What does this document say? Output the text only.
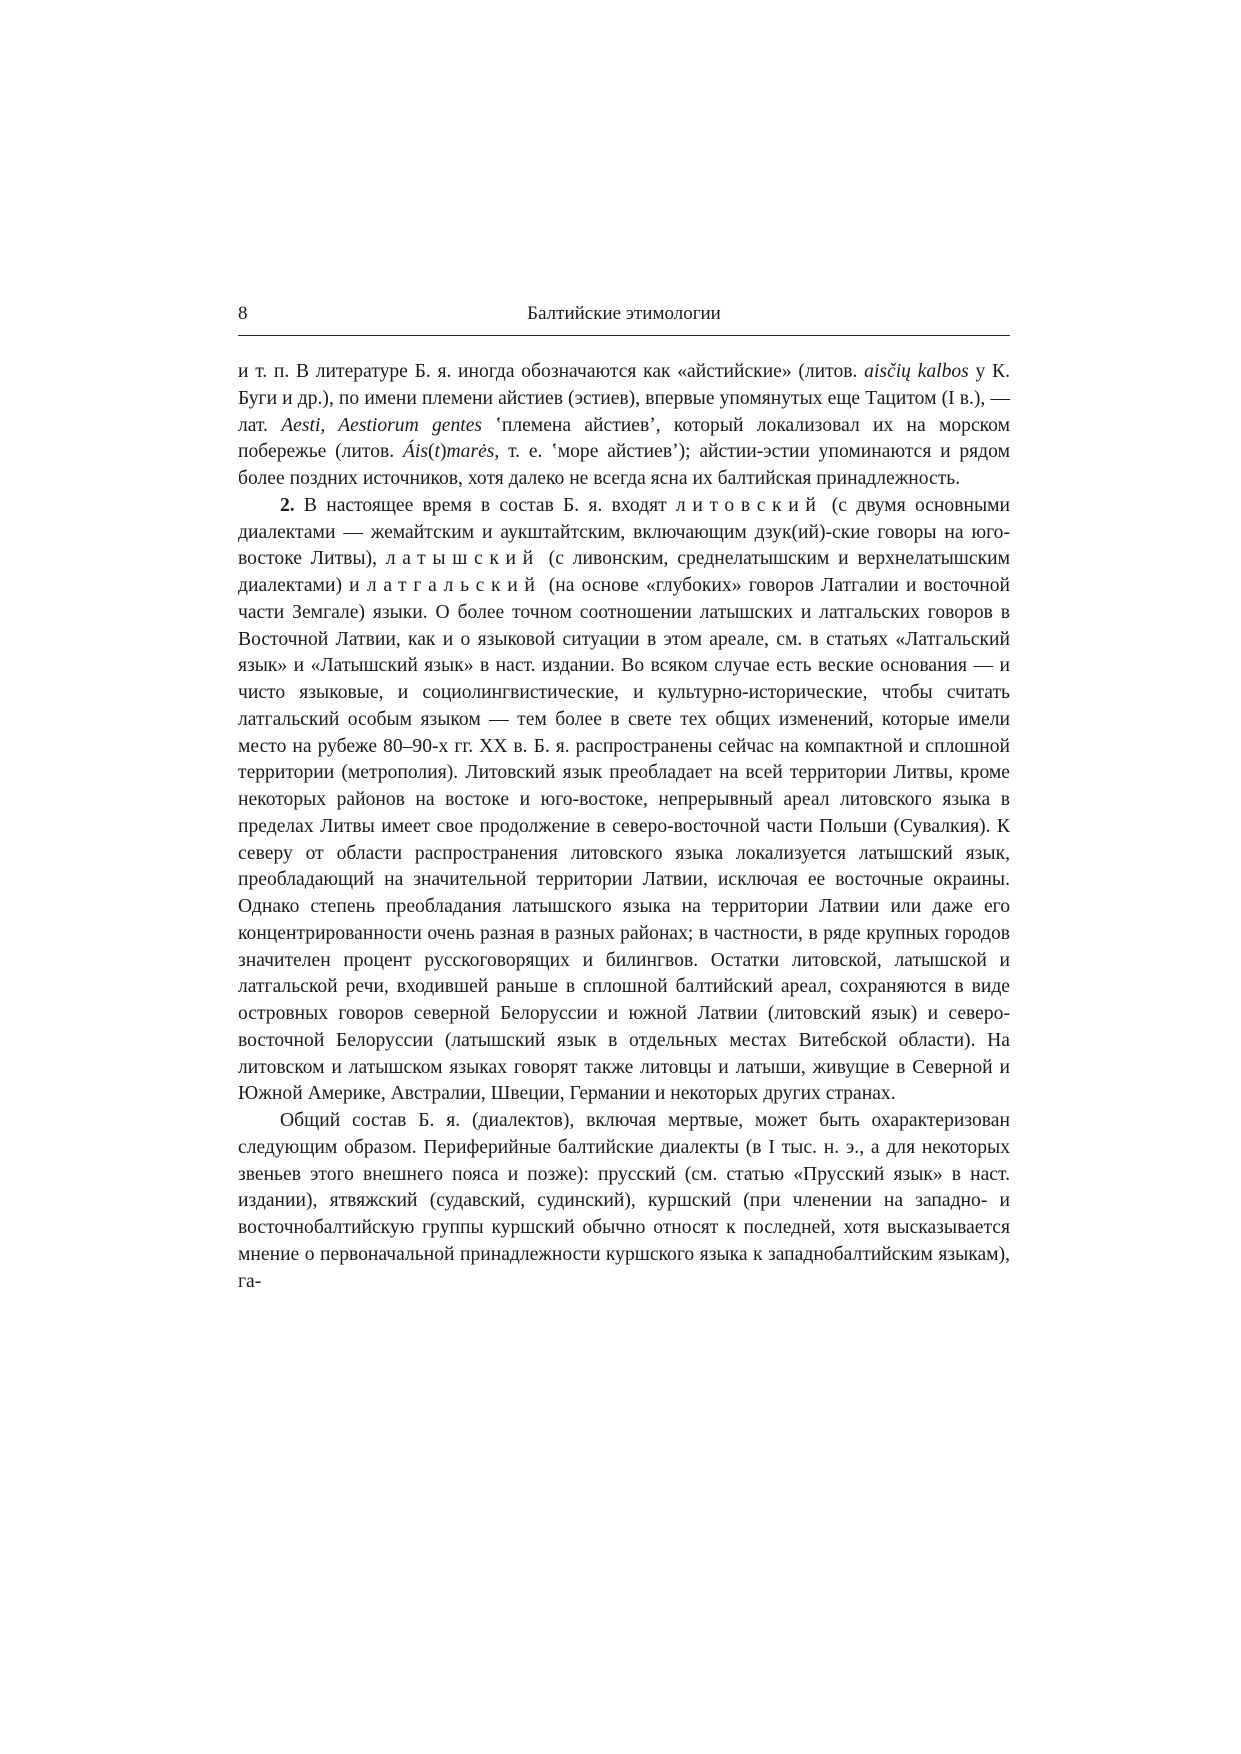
8	Балтийские этимологии

и т. п. В литературе Б. я. иногда обозначаются как «айстийские» (литов. aisčių kalbos у К. Буги и др.), по имени племени айстиев (эстиев), впервые упомянутых еще Тацитом (I в.), — лат. Aesti, Aestiorum gentes ʽплемена айстиевʼ, который локализовал их на морском побережье (литов. Áis(t)marės, т. е. ʽморе айстиевʼ); айстии-эстии упоминаются и рядом более поздних источников, хотя далеко не всегда ясна их балтийская принадлежность.

2. В настоящее время в состав Б. я. входят литовский (с двумя основными диалектами — жемайтским и аукштайтским, включающим дзук(ий)-ские говоры на юго-востоке Литвы), латышский (с ливонским, среднелатышским и верхнелатышским диалектами) и латгальский (на основе «глубоких» говоров Латгалии и восточной части Земгале) языки. О более точном соотношении латышских и латгальских говоров в Восточной Латвии, как и о языковой ситуации в этом ареале, см. в статьях «Латгальский язык» и «Латышский язык» в наст. издании. Во всяком случае есть веские основания — и чисто языковые, и социолингвистические, и культурно-исторические, чтобы считать латгальский особым языком — тем более в свете тех общих изменений, которые имели место на рубеже 80–90-х гг. XX в. Б. я. распространены сейчас на компактной и сплошной территории (метрополия). Литовский язык преобладает на всей территории Литвы, кроме некоторых районов на востоке и юго-востоке, непрерывный ареал литовского языка в пределах Литвы имеет свое продолжение в северо-восточной части Польши (Сувалкия). К северу от области распространения литовского языка локализуется латышский язык, преобладающий на значительной территории Латвии, исключая ее восточные окраины. Однако степень преобладания латышского языка на территории Латвии или даже его концентрированности очень разная в разных районах; в частности, в ряде крупных городов значителен процент русскоговорящих и билингвов. Остатки литовской, латышской и латгальской речи, входившей раньше в сплошной балтийский ареал, сохраняются в виде островных говоров северной Белоруссии и южной Латвии (литовский язык) и северо-восточной Белоруссии (латышский язык в отдельных местах Витебской области). На литовском и латышском языках говорят также литовцы и латыши, живущие в Северной и Южной Америке, Австралии, Швеции, Германии и некоторых других странах.

Общий состав Б. я. (диалектов), включая мертвые, может быть охарактеризован следующим образом. Периферийные балтийские диалекты (в I тыс. н. э., а для некоторых звеньев этого внешнего пояса и позже): прусский (см. статью «Прусский язык» в наст. издании), ятвяжский (судавский, судинский), куршский (при членении на западно- и восточнобалтийскую группы куршский обычно относят к последней, хотя высказывается мнение о первоначальной принадлежности куршского языка к западнобалтийским языкам), га-
